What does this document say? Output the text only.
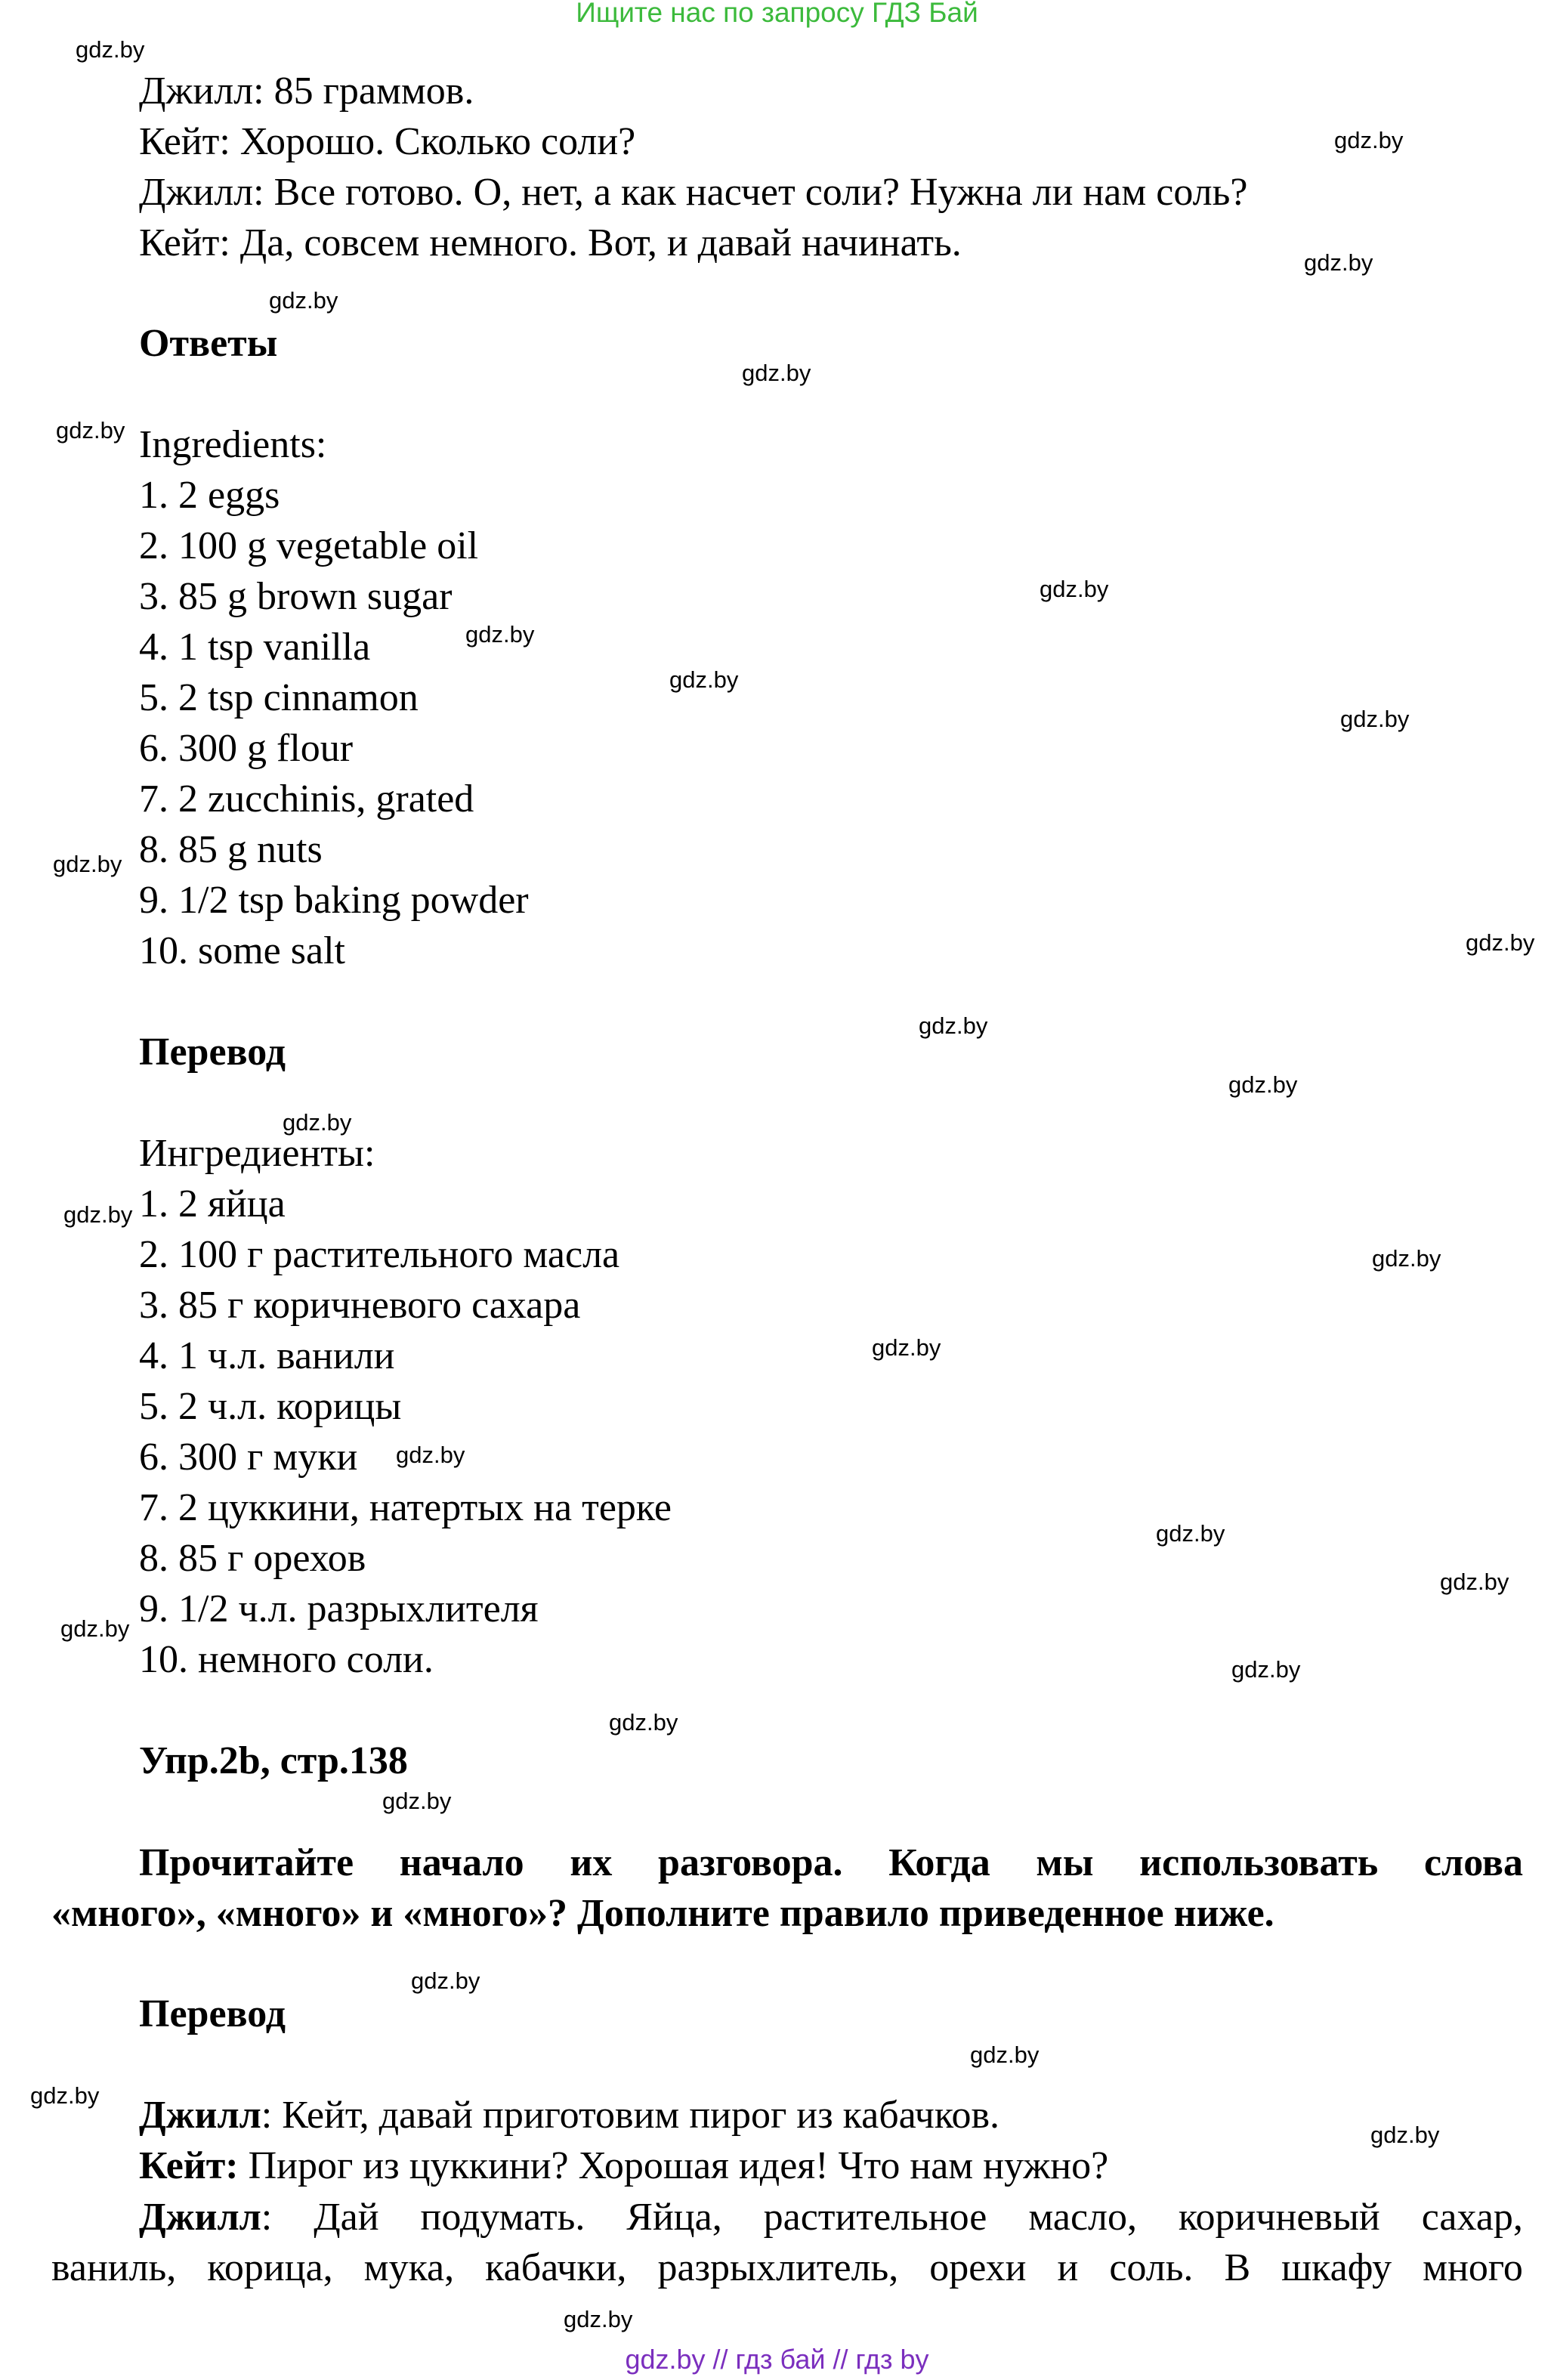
Ищите нас по запросу ГДЗ Бай
gdz.by // гдз бай // гдз by
gdz.by
gdz.by
gdz.by
gdz.by
gdz.by
gdz.by
gdz.by
gdz.by
gdz.by
gdz.by
gdz.by
gdz.by
gdz.by
gdz.by
gdz.by
gdz.by
gdz.by
gdz.by
gdz.by
gdz.by
gdz.by
gdz.by
gdz.by
gdz.by
gdz.by
gdz.by
gdz.by
gdz.by
gdz.by
gdz.by
Джилл: 85 граммов.
Кейт: Хорошо. Сколько соли?
Джилл: Все готово. О, нет, а как насчет соли? Нужна ли нам соль?
Кейт: Да, совсем немного. Вот, и давай начинать.
Ответы
Ingredients:
1. 2 eggs
2. 100 g vegetable oil
3. 85 g brown sugar
4. 1 tsp vanilla
5. 2 tsp cinnamon
6. 300 g flour
7. 2 zucchinis, grated
8. 85 g nuts
9. 1/2 tsp baking powder
10. some salt
Перевод
Ингредиенты:
1. 2 яйца
2. 100 г растительного масла
3. 85 г коричневого сахара
4. 1 ч.л. ванили
5. 2 ч.л. корицы
6. 300 г муки
7. 2 цуккини, натертых на терке
8. 85 г орехов
9. 1/2 ч.л. разрыхлителя
10. немного соли.
Упр.2b, стр.138
Прочитайте начало их разговора. Когда мы использовать слова
«много», «много» и «много»? Дополните правило приведенное ниже.
Перевод
Джилл: Кейт, давай приготовим пирог из кабачков.
Кейт: Пирог из цуккини? Хорошая идея! Что нам нужно?
Джилл: Дай подумать. Яйца, растительное масло, коричневый сахар,
ваниль, корица, мука, кабачки, разрыхлитель, орехи и соль. В шкафу много
